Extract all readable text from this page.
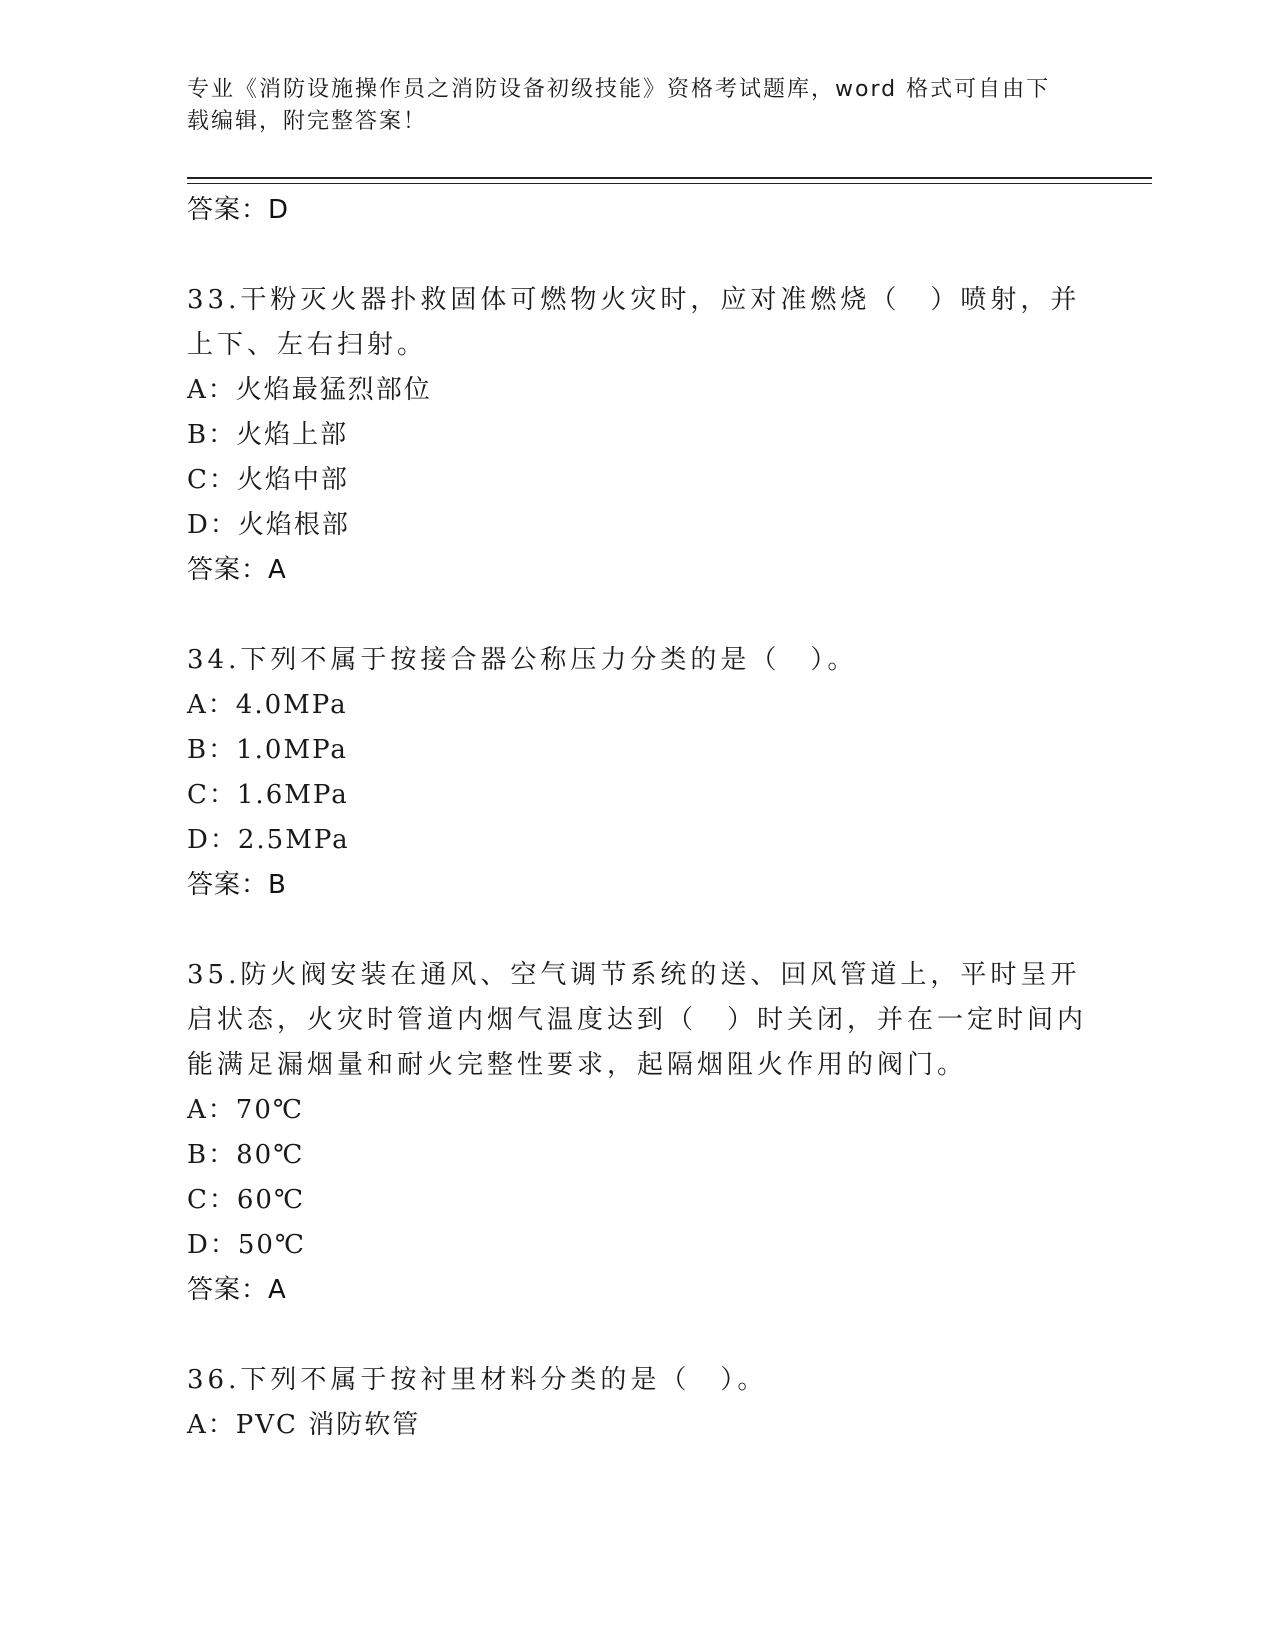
专业《消防设施操作员之消防设备初级技能》资格考试题库，word 格式可自由下
载编辑，附完整答案！

答案：D

33.干粉灭火器扑救固体可燃物火灾时，应对准燃烧（　）喷射，并上下、左右扫射。

A：火焰最猛烈部位

B：火焰上部

C：火焰中部

D：火焰根部

答案：A

34.下列不属于按接合器公称压力分类的是（　）。

A：4.0MPa

B：1.0MPa

C：1.6MPa

D：2.5MPa

答案：B

35.防火阀安装在通风、空气调节系统的送、回风管道上，平时呈开启状态，火灾时管道内烟气温度达到（　）时关闭，并在一定时间内能满足漏烟量和耐火完整性要求，起隔烟阻火作用的阀门。

A：70℃

B：80℃

C：60℃

D：50℃

答案：A

36.下列不属于按衬里材料分类的是（　）。

A：PVC 消防软管
